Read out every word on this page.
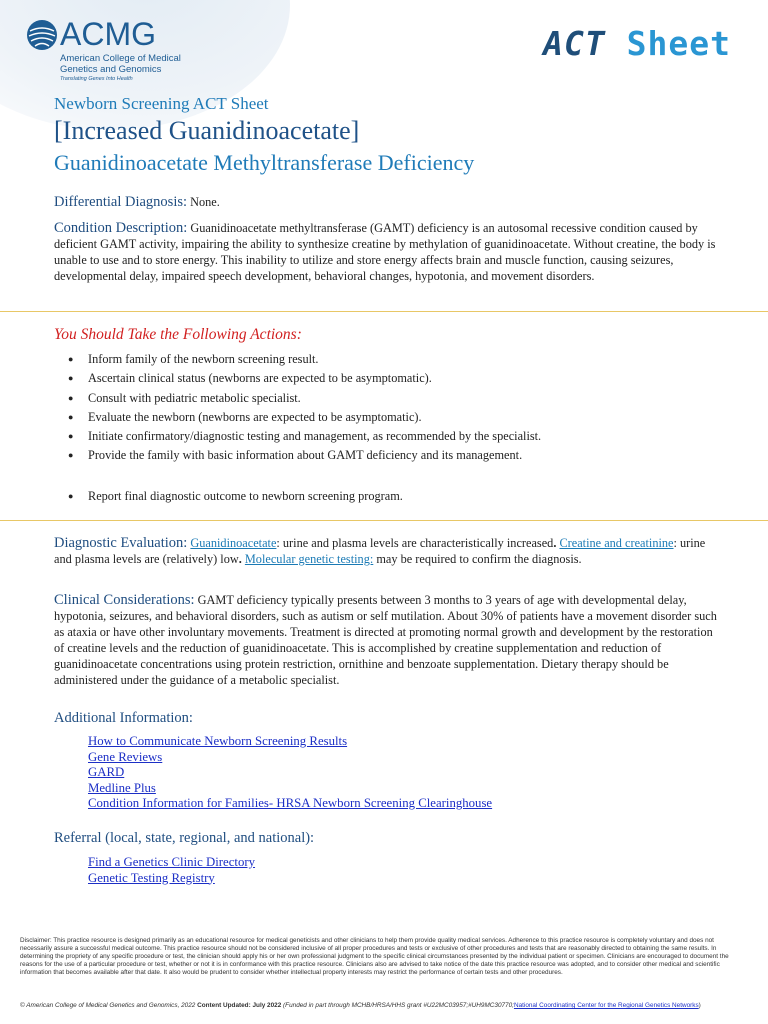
ACMG
American College of Medical Genetics and Genomics
Translating Genes Into Health
ACT Sheet
Newborn Screening ACT Sheet
[Increased Guanidinoacetate]
Guanidinoacetate Methyltransferase Deficiency
Differential Diagnosis: None.
Condition Description: Guanidinoacetate methyltransferase (GAMT) deficiency is an autosomal recessive condition caused by deficient GAMT activity, impairing the ability to synthesize creatine by methylation of guanidinoacetate. Without creatine, the body is unable to use and to store energy. This inability to utilize and store energy affects brain and muscle function, causing seizures, developmental delay, impaired speech development, behavioral changes, hypotonia, and movement disorders.
You Should Take the Following Actions:
● Inform family of the newborn screening result.
● Ascertain clinical status (newborns are expected to be asymptomatic).
● Consult with pediatric metabolic specialist.
● Evaluate the newborn (newborns are expected to be asymptomatic).
● Initiate confirmatory/diagnostic testing and management, as recommended by the specialist.
● Provide the family with basic information about GAMT deficiency and its management.
● Report final diagnostic outcome to newborn screening program.
Diagnostic Evaluation: Guanidinoacetate: urine and plasma levels are characteristically increased. Creatine and creatinine: urine and plasma levels are (relatively) low. Molecular genetic testing: may be required to confirm the diagnosis.
Clinical Considerations: GAMT deficiency typically presents between 3 months to 3 years of age with developmental delay, hypotonia, seizures, and behavioral disorders, such as autism or self mutilation. About 30% of patients have a movement disorder such as ataxia or have other involuntary movements. Treatment is directed at promoting normal growth and development by the restoration of creatine levels and the reduction of guanidinoacetate. This is accomplished by creatine supplementation and reduction of guanidinoacetate concentrations using protein restriction, ornithine and benzoate supplementation. Dietary therapy should be administered under the guidance of a metabolic specialist.
Additional Information:
How to Communicate Newborn Screening Results
Gene Reviews
GARD
Medline Plus
Condition Information for Families- HRSA Newborn Screening Clearinghouse
Referral (local, state, regional, and national):
Find a Genetics Clinic Directory
Genetic Testing Registry
Disclaimer: This practice resource is designed primarily as an educational resource for medical geneticists and other clinicians to help them provide quality medical services. Adherence to this practice resource is completely voluntary and does not necessarily assure a successful medical outcome. This practice resource should not be considered inclusive of all proper procedures and tests or exclusive of other procedures and tests that are reasonably directed to obtaining the same results. In determining the propriety of any specific procedure or test, the clinician should apply his or her own professional judgment to the specific clinical circumstances presented by the individual patient or specimen. Clinicians are encouraged to document the reasons for the use of a particular procedure or test, whether or not it is in conformance with this practice resource. Clinicians also are advised to take notice of the date this practice resource was adopted, and to consider other medical and scientific information that becomes available after that date. It also would be prudent to consider whether intellectual property interests may restrict the performance of certain tests and other procedures.
© American College of Medical Genetics and Genomics, 2022 Content Updated: July 2022 (Funded in part through MCHB/HRSA/HHS grant #U22MC03957;#UH9MC30770;National Coordinating Center for the Regional Genetics Networks)
